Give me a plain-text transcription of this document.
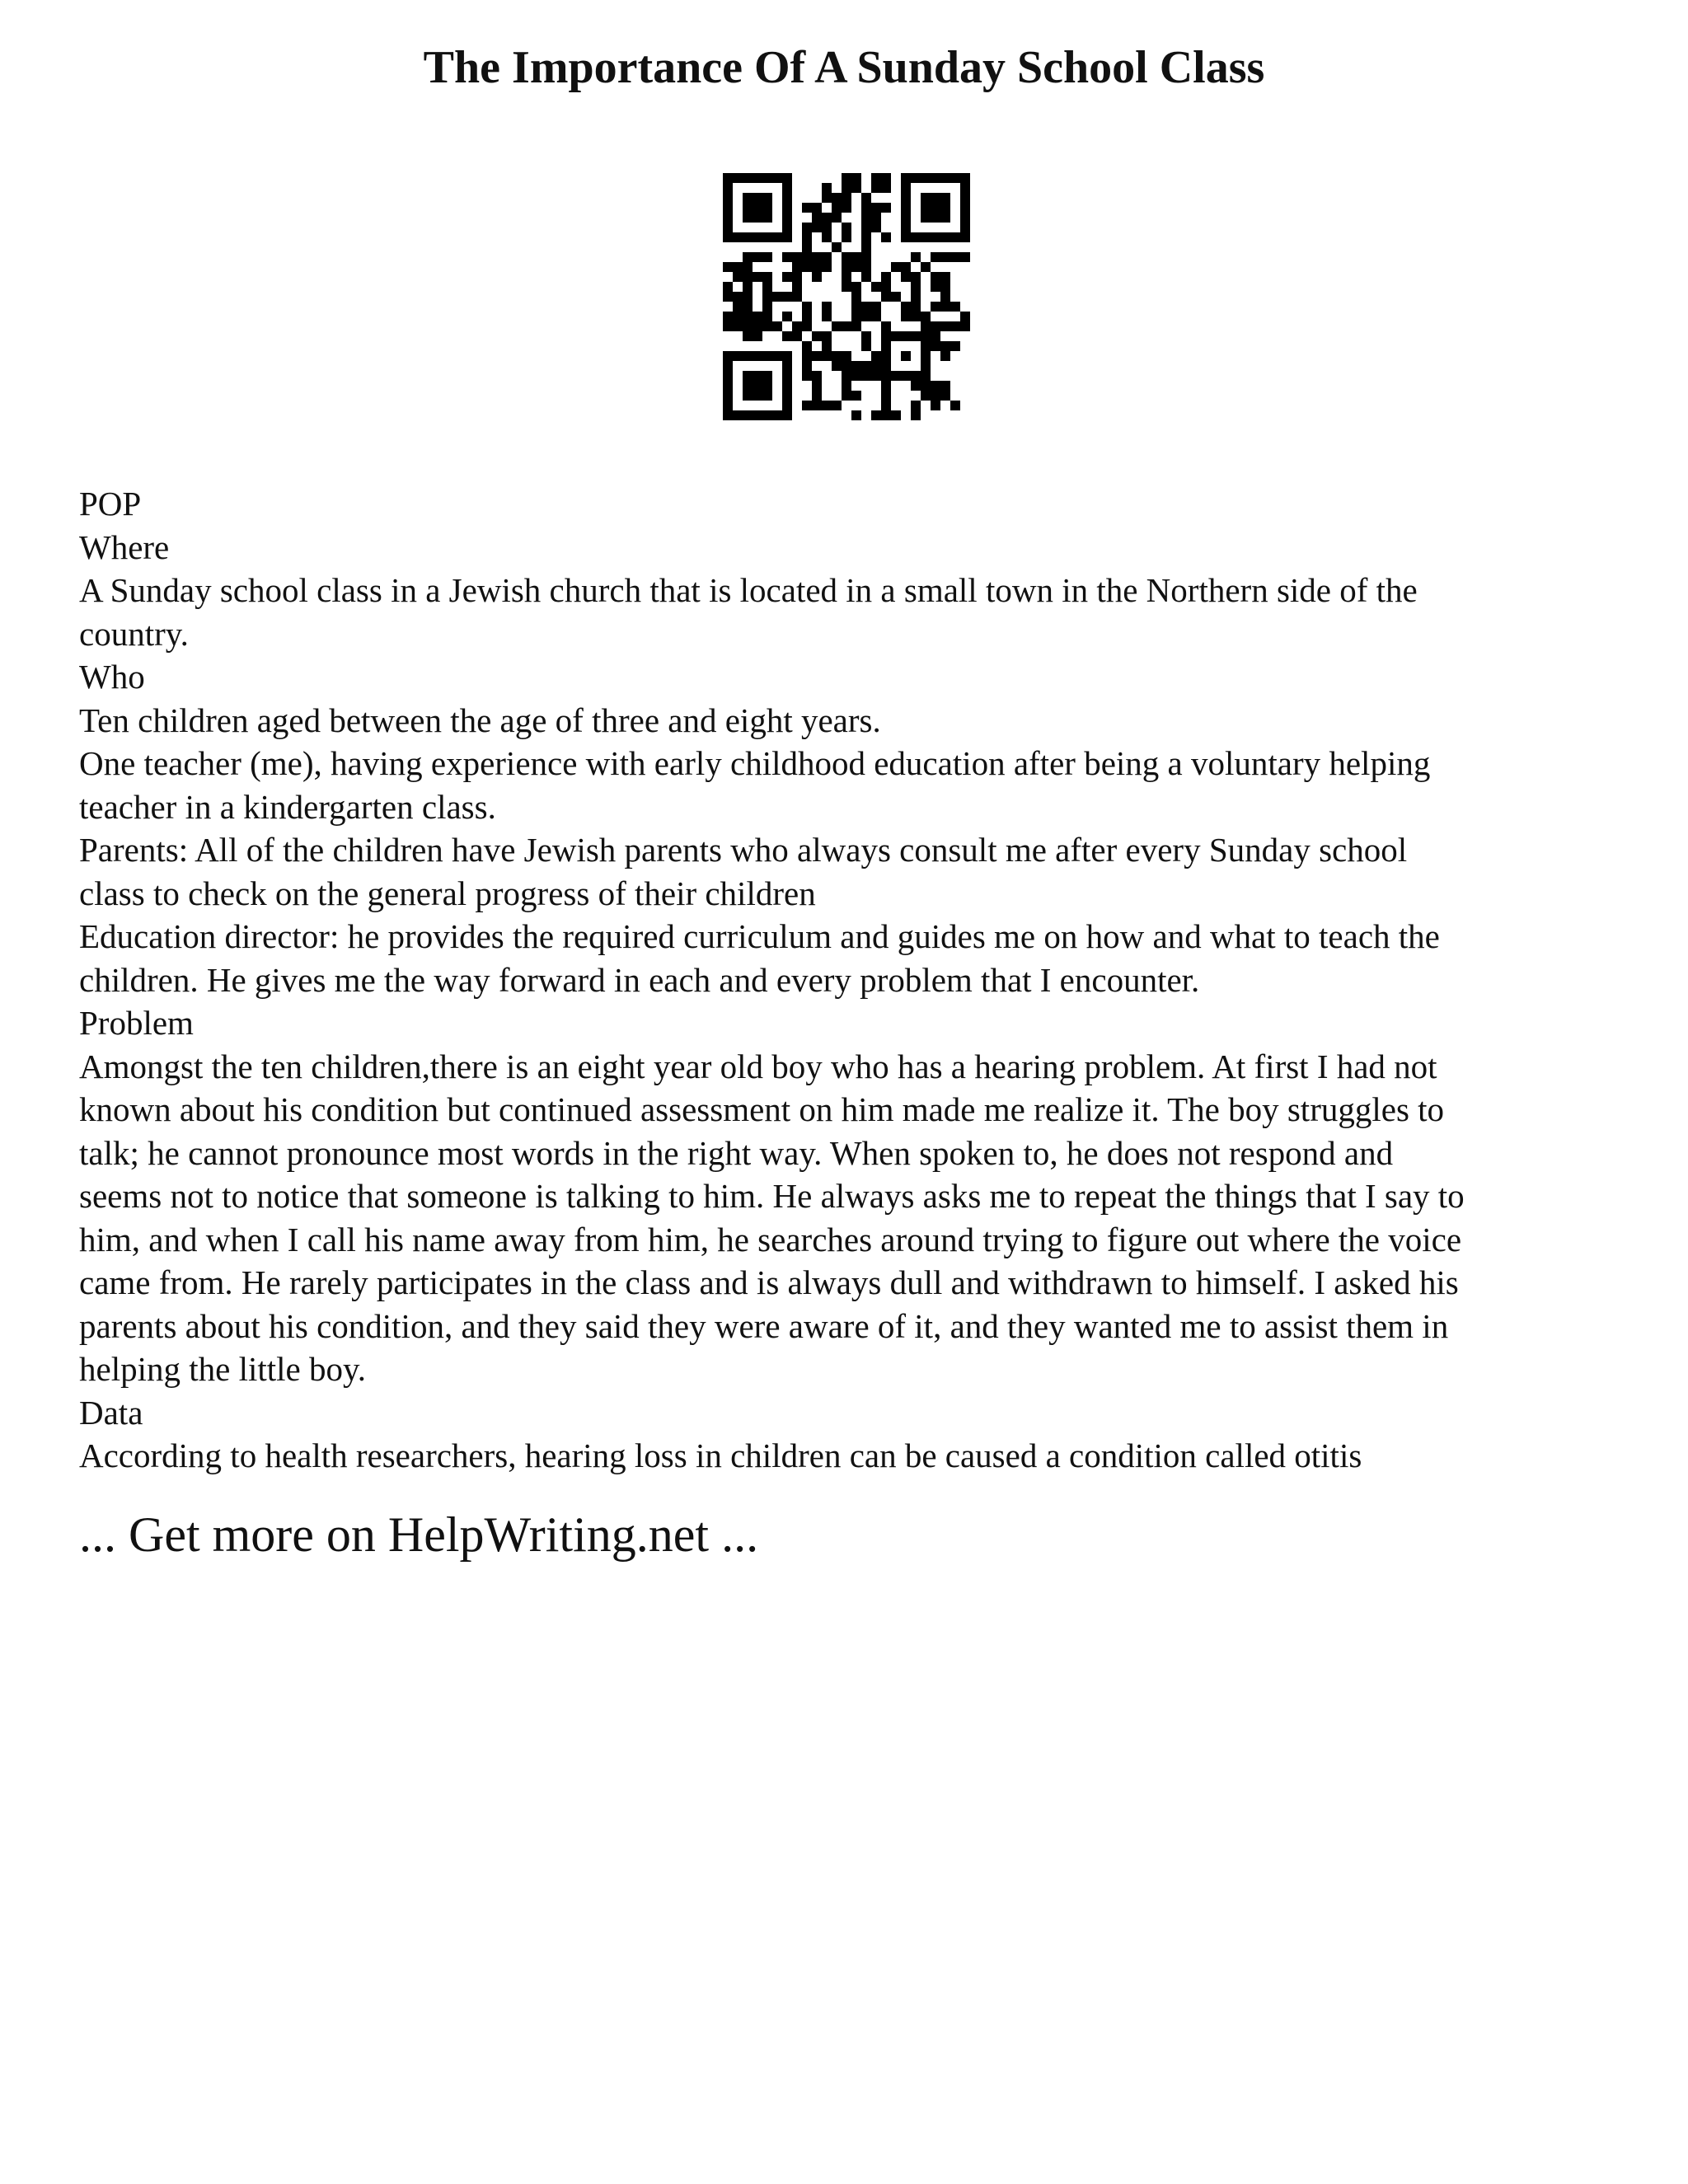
The Importance Of A Sunday School Class
POP
Where
A Sunday school class in a Jewish church that is located in a small town in the Northern side of the
country.
Who
Ten children aged between the age of three and eight years.
One teacher (me), having experience with early childhood education after being a voluntary helping
teacher in a kindergarten class.
Parents: All of the children have Jewish parents who always consult me after every Sunday school
class to check on the general progress of their children
Education director: he provides the required curriculum and guides me on how and what to teach the
children. He gives me the way forward in each and every problem that I encounter.
Problem
Amongst the ten children,there is an eight year old boy who has a hearing problem. At first I had not
known about his condition but continued assessment on him made me realize it. The boy struggles to
talk; he cannot pronounce most words in the right way. When spoken to, he does not respond and
seems not to notice that someone is talking to him. He always asks me to repeat the things that I say to
him, and when I call his name away from him, he searches around trying to figure out where the voice
came from. He rarely participates in the class and is always dull and withdrawn to himself. I asked his
parents about his condition, and they said they were aware of it, and they wanted me to assist them in
helping the little boy.
Data
According to health researchers, hearing loss in children can be caused a condition called otitis
... Get more on HelpWriting.net ...
